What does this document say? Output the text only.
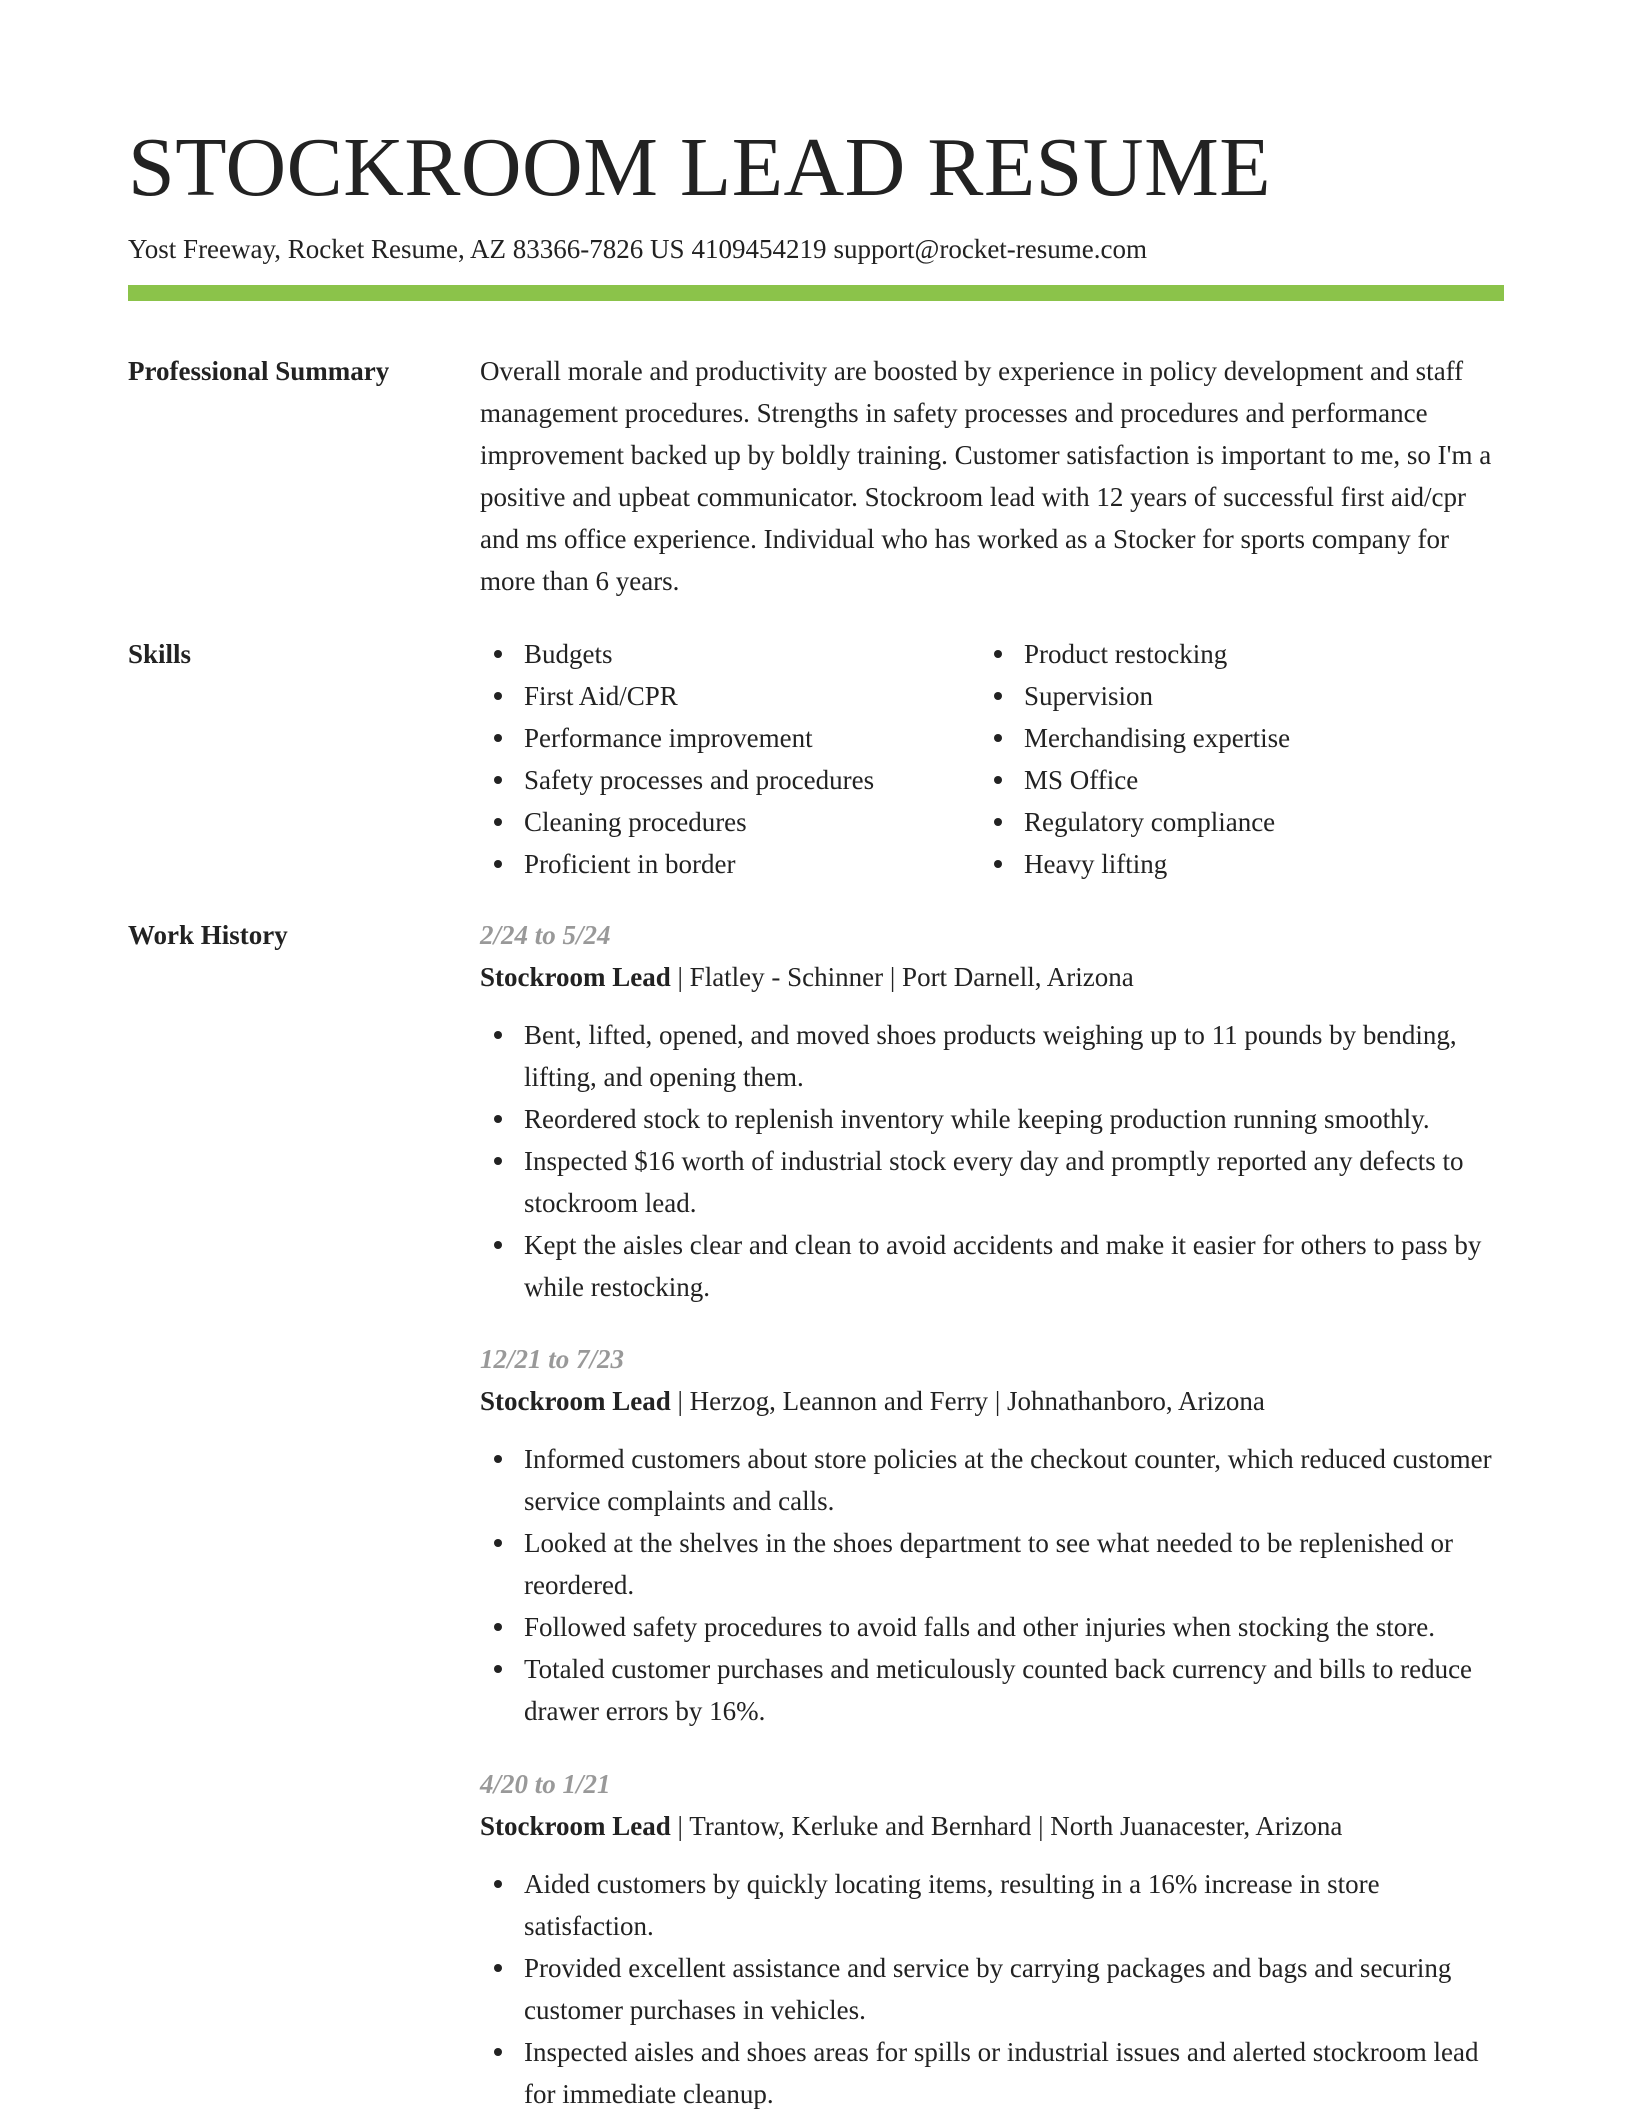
STOCKROOM LEAD RESUME
Yost Freeway, Rocket Resume, AZ 83366-7826 US 4109454219 support@rocket-resume.com
Professional Summary	Overall morale and productivity are boosted by experience in policy development and staff management procedures. Strengths in safety processes and procedures and performance improvement backed up by boldly training. Customer satisfaction is important to me, so I'm a positive and upbeat communicator. Stockroom lead with 12 years of successful first aid/cpr and ms office experience. Individual who has worked as a Stocker for sports company for more than 6 years.

Skills	Budgets
First Aid/CPR
Performance improvement
Safety processes and procedures
Cleaning procedures
Proficient in border
Product restocking
Supervision
Merchandising expertise
MS Office
Regulatory compliance
Heavy lifting
Work History	2/24 to 5/24
Stockroom Lead | Flatley - Schinner | Port Darnell, Arizona
Bent, lifted, opened, and moved shoes products weighing up to 11 pounds by bending, lifting, and opening them.
Reordered stock to replenish inventory while keeping production running smoothly.
Inspected $16 worth of industrial stock every day and promptly reported any defects to stockroom lead.
Kept the aisles clear and clean to avoid accidents and make it easier for others to pass by while restocking.
12/21 to 7/23
Stockroom Lead | Herzog, Leannon and Ferry | Johnathanboro, Arizona
Informed customers about store policies at the checkout counter, which reduced customer service complaints and calls.
Looked at the shelves in the shoes department to see what needed to be replenished or reordered.
Followed safety procedures to avoid falls and other injuries when stocking the store.
Totaled customer purchases and meticulously counted back currency and bills to reduce drawer errors by 16%.
4/20 to 1/21
Stockroom Lead | Trantow, Kerluke and Bernhard | North Juanacester, Arizona
Aided customers by quickly locating items, resulting in a 16% increase in store satisfaction.
Provided excellent assistance and service by carrying packages and bags and securing customer purchases in vehicles.
Inspected aisles and shoes areas for spills or industrial issues and alerted stockroom lead for immediate cleanup.
